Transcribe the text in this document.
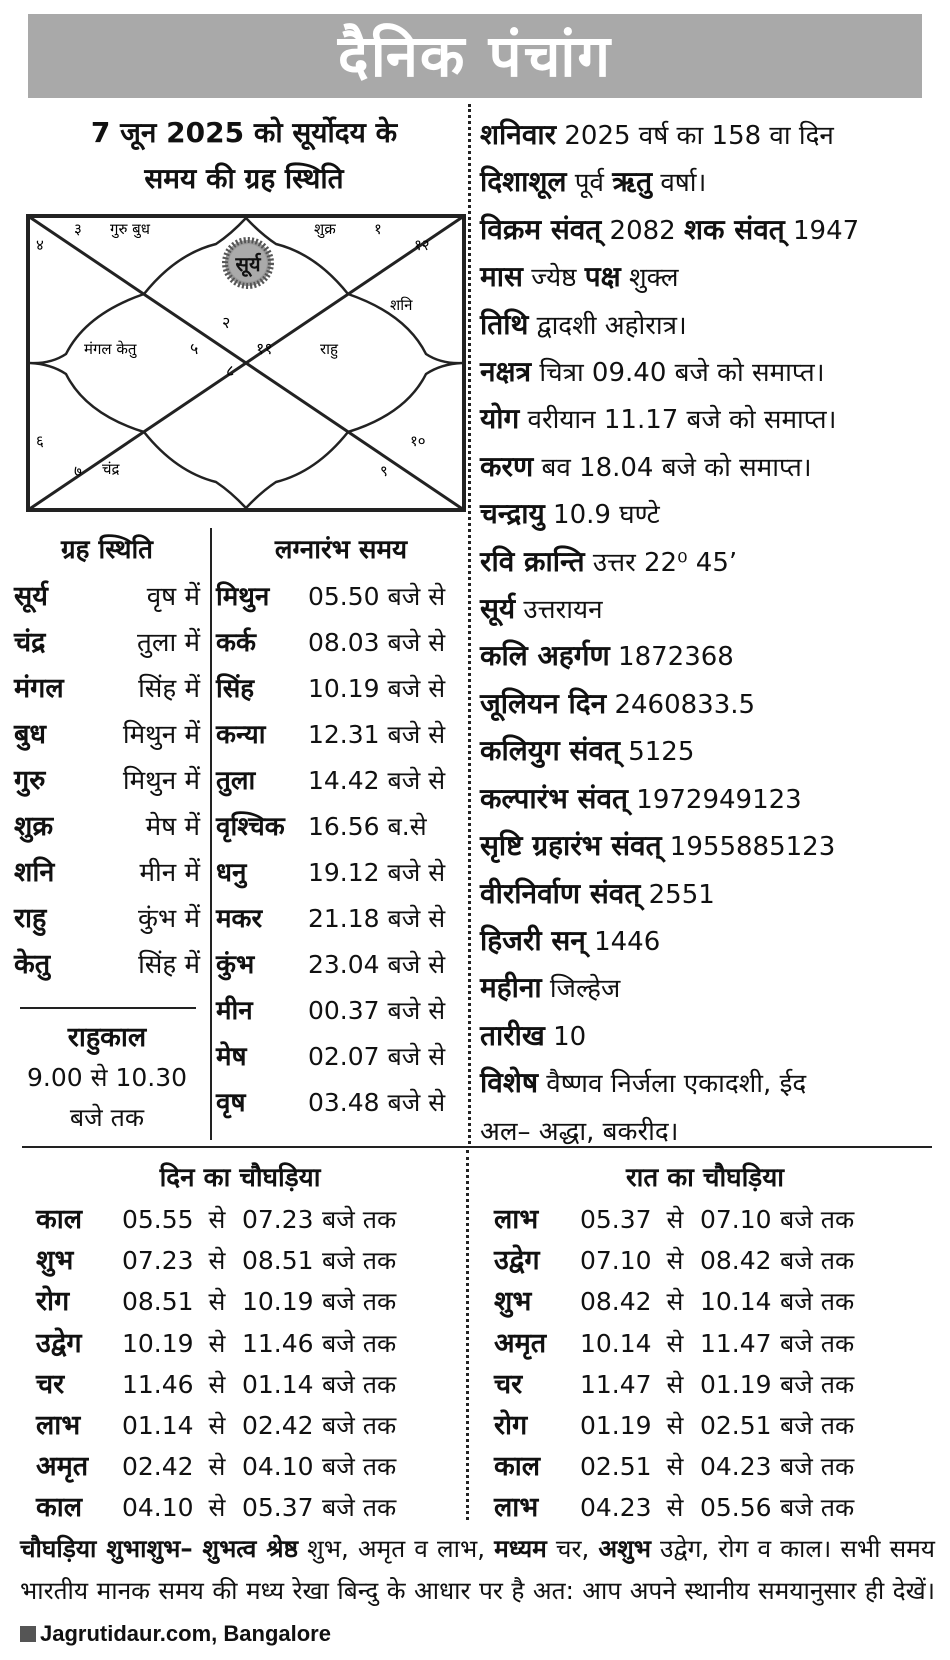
दैनिक पंचांग
7 जून 2025 को सूर्योदय के
समय की ग्रह स्थिति
सूर्य
३ गुरु बुध	शुक्र	१
१२
४
२
शनि
मंगल केतु	५	११	राहु
८
६	१०
७ चंद्र	९
शनिवार 2025 वर्ष का 158 वा दिन
दिशाशूल पूर्व ऋतु वर्षा।
विक्रम संवत् 2082 शक संवत् 1947
मास ज्येष्ठ पक्ष शुक्ल
तिथि द्वादशी अहोरात्र।
नक्षत्र चित्रा 09.40 बजे को समाप्त।
योग वरीयान 11.17 बजे को समाप्त।
करण बव 18.04 बजे को समाप्त।
चन्द्रायु 10.9 घण्टे
रवि क्रान्ति उत्तर 22⁰ 45’
सूर्य उत्तरायन
कलि अहर्गण 1872368
जूलियन दिन 2460833.5
कलियुग संवत् 5125
कल्पारंभ संवत् 1972949123
सृष्टि ग्रहारंभ संवत् 1955885123
वीरनिर्वाण संवत् 2551
हिजरी सन् 1446
महीना जिल्हेज
तारीख 10
विशेष वैष्णव निर्जला एकादशी, ईद
अल– अद्धा, बकरीद।
ग्रह स्थिति
सूर्य	वृष में
चंद्र	तुला में
मंगल	सिंह में
बुध	मिथुन में
गुरु	मिथुन में
शुक्र	मेष में
शनि	मीन में
राहु	कुंभ में
केतु	सिंह में
लग्नारंभ समय
मिथुन	05.50 बजे से
कर्क	08.03 बजे से
सिंह	10.19 बजे से
कन्या	12.31 बजे से
तुला	14.42 बजे से
वृश्चिक 16.56 ब.से
धनु	19.12 बजे से
मकर	21.18 बजे से
कुंभ	23.04 बजे से
मीन	00.37 बजे से
मेष	02.07 बजे से
वृष	03.48 बजे से
राहुकाल
9.00 से 10.30
बजे तक
दिन का चौघड़िया	रात का चौघड़िया
काल	05.55 से 07.23 बजे तक
शुभ	07.23 से 08.51 बजे तक
रोग	08.51 से 10.19 बजे तक
उद्वेग	10.19 से 11.46 बजे तक
चर	11.46 से 01.14 बजे तक
लाभ	01.14 से 02.42 बजे तक
अमृत	02.42 से 04.10 बजे तक
काल	04.10 से 05.37 बजे तक
लाभ	05.37 से 07.10 बजे तक
उद्वेग	07.10 से 08.42 बजे तक
शुभ	08.42 से 10.14 बजे तक
अमृत	10.14 से 11.47 बजे तक
चर	11.47 से 01.19 बजे तक
रोग	01.19 से 02.51 बजे तक
काल	02.51 से 04.23 बजे तक
लाभ	04.23 से 05.56 बजे तक
चौघड़िया शुभाशुभ– शुभत्व श्रेष्ठ शुभ, अमृत व लाभ, मध्यम चर, अशुभ उद्वेग, रोग व काल। सभी समय भारतीय मानक समय की मध्य रेखा बिन्दु के आधार पर है अत: आप अपने स्थानीय समयानुसार ही देखें। Jagrutidaur.com, Bangalore
